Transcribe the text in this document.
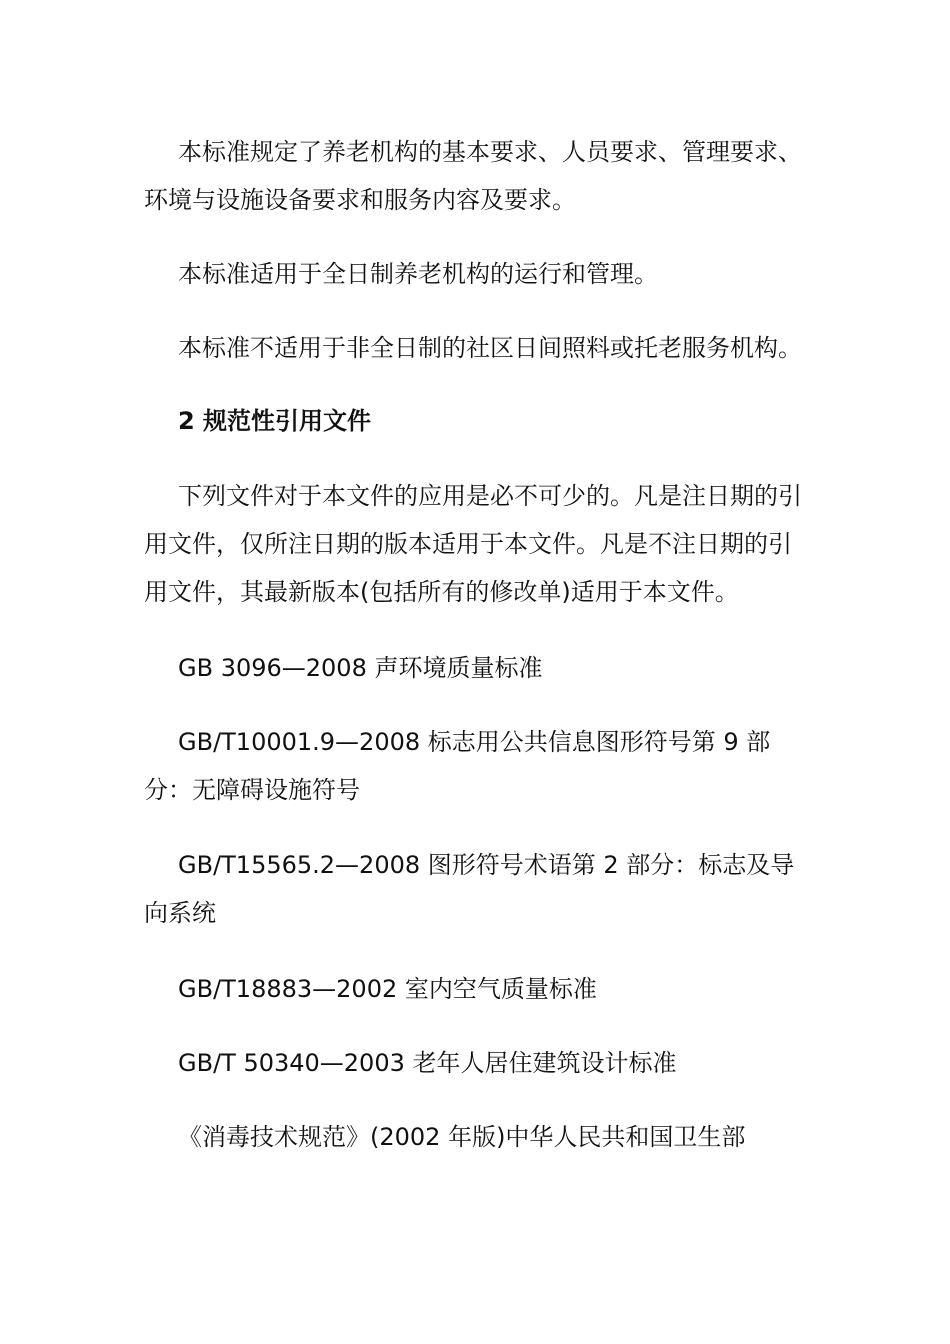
本标准规定了养老机构的基本要求、人员要求、管理要求、环境与设施设备要求和服务内容及要求。

本标准适用于全日制养老机构的运行和管理。

本标准不适用于非全日制的社区日间照料或托老服务机构。

2 规范性引用文件

下列文件对于本文件的应用是必不可少的。凡是注日期的引用文件，仅所注日期的版本适用于本文件。凡是不注日期的引用文件，其最新版本(包括所有的修改单)适用于本文件。

GB 3096—2008 声环境质量标准

GB/T10001.9—2008 标志用公共信息图形符号第 9 部分：无障碍设施符号

GB/T15565.2—2008 图形符号术语第 2 部分：标志及导向系统

GB/T18883—2002 室内空气质量标准

GB/T 50340—2003 老年人居住建筑设计标准

《消毒技术规范》(2002 年版)中华人民共和国卫生部
